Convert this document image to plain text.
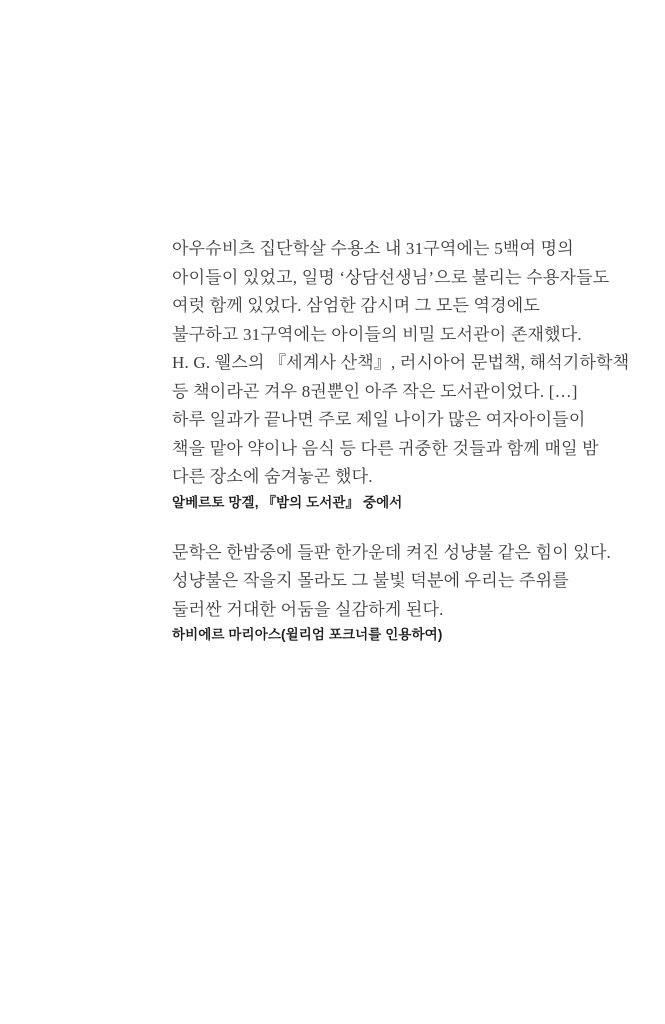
아우슈비츠 집단학살 수용소 내 31구역에는 5백여 명의
아이들이 있었고, 일명 ‘상담선생님’으로 불리는 수용자들도
여럿 함께 있었다. 삼엄한 감시며 그 모든 역경에도
불구하고 31구역에는 아이들의 비밀 도서관이 존재했다.
H. G. 웰스의 『세계사 산책』, 러시아어 문법책, 해석기하학책
등 책이라곤 겨우 8권뿐인 아주 작은 도서관이었다. […]
하루 일과가 끝나면 주로 제일 나이가 많은 여자아이들이
책을 맡아 약이나 음식 등 다른 귀중한 것들과 함께 매일 밤
다른 장소에 숨겨놓곤 했다.
알베르토 망겔, 『밤의 도서관』 중에서
문학은 한밤중에 들판 한가운데 켜진 성냥불 같은 힘이 있다.
성냥불은 작을지 몰라도 그 불빛 덕분에 우리는 주위를
둘러싼 거대한 어둠을 실감하게 된다.
하비에르 마리아스(윌리엄 포크너를 인용하여)
